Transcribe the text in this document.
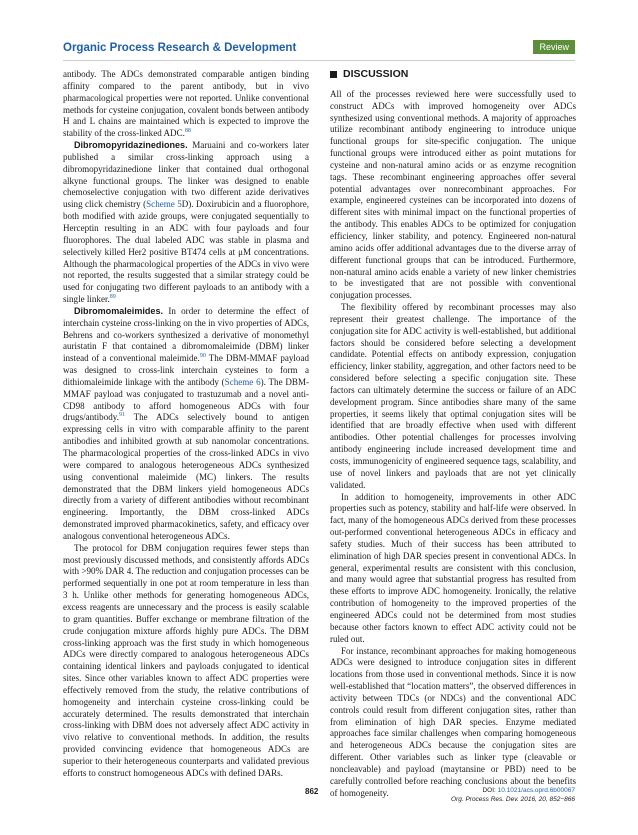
Organic Process Research & Development	Review

antibody. The ADCs demonstrated comparable antigen binding affinity compared to the parent antibody, but in vivo pharmacological properties were not reported. Unlike conventional methods for cysteine conjugation, covalent bonds between antibody H and L chains are maintained which is expected to improve the stability of the cross-linked ADC.$^{88}$

Dibromopyridazinediones. Maruaini and co-workers later published a similar cross-linking approach using a dibromopyridazinedione linker that contained dual orthogonal alkyne functional groups. The linker was designed to enable chemoselective conjugation with two different azide derivatives using click chemistry (Scheme 5D). Doxirubicin and a fluorophore, both modified with azide groups, were conjugated sequentially to Herceptin resulting in an ADC with four payloads and four fluorophores. The dual labeled ADC was stable in plasma and selectively killed Her2 positive BT474 cells at μM concentrations. Although the pharmacological properties of the ADCs in vivo were not reported, the results suggested that a similar strategy could be used for conjugating two different payloads to an antibody with a single linker.$^{89}$

Dibromomaleimides. In order to determine the effect of interchain cysteine cross-linking on the in vivo properties of ADCs, Behrens and co-workers synthesized a derivative of monomethyl auristatin F that contained a dibromomaleimide (DBM) linker instead of a conventional maleimide.$^{90}$ The DBM-MMAF payload was designed to cross-link interchain cysteines to form a dithiomaleimide linkage with the antibody (Scheme 6). The DBM-MMAF payload was conjugated to trastuzumab and a novel anti-CD98 antibody to afford homogeneous ADCs with four drugs/antibody.$^{91}$ The ADCs selectively bound to antigen expressing cells in vitro with comparable affinity to the parent antibodies and inhibited growth at sub nanomolar concentrations. The pharmacological properties of the cross-linked ADCs in vivo were compared to analogous heterogeneous ADCs synthesized using conventional maleimide (MC) linkers. The results demonstrated that the DBM linkers yield homogeneous ADCs directly from a variety of different antibodies without recombinant engineering. Importantly, the DBM cross-linked ADCs demonstrated improved pharmacokinetics, safety, and efficacy over analogous conventional heterogeneous ADCs.

The protocol for DBM conjugation requires fewer steps than most previously discussed methods, and consistently affords ADCs with >90% DAR 4. The reduction and conjugation processes can be performed sequentially in one pot at room temperature in less than 3 h. Unlike other methods for generating homogeneous ADCs, excess reagents are unnecessary and the process is easily scalable to gram quantities. Buffer exchange or membrane filtration of the crude conjugation mixture affords highly pure ADCs. The DBM cross-linking approach was the first study in which homogeneous ADCs were directly compared to analogous heterogeneous ADCs containing identical linkers and payloads conjugated to identical sites. Since other variables known to affect ADC properties were effectively removed from the study, the relative contributions of homogeneity and interchain cysteine cross-linking could be accurately determined. The results demonstrated that interchain cross-linking with DBM does not adversely affect ADC activity in vivo relative to conventional methods. In addition, the results provided convincing evidence that homogeneous ADCs are superior to their heterogeneous counterparts and validated previous efforts to construct homogeneous ADCs with defined DARs.

DISCUSSION

All of the processes reviewed here were successfully used to construct ADCs with improved homogeneity over ADCs synthesized using conventional methods. A majority of approaches utilize recombinant antibody engineering to introduce unique functional groups for site-specific conjugation. The unique functional groups were introduced either as point mutations for cysteine and non-natural amino acids or as enzyme recognition tags. These recombinant engineering approaches offer several potential advantages over nonrecombinant approaches. For example, engineered cysteines can be incorporated into dozens of different sites with minimal impact on the functional properties of the antibody. This enables ADCs to be optimized for conjugation efficiency, linker stability, and potency. Engineered non-natural amino acids offer additional advantages due to the diverse array of different functional groups that can be introduced. Furthermore, non-natural amino acids enable a variety of new linker chemistries to be investigated that are not possible with conventional conjugation processes.

The flexibility offered by recombinant processes may also represent their greatest challenge. The importance of the conjugation site for ADC activity is well-established, but additional factors should be considered before selecting a development candidate. Potential effects on antibody expression, conjugation efficiency, linker stability, aggregation, and other factors need to be considered before selecting a specific conjugation site. These factors can ultimately determine the success or failure of an ADC development program. Since antibodies share many of the same properties, it seems likely that optimal conjugation sites will be identified that are broadly effective when used with different antibodies. Other potential challenges for processes involving antibody engineering include increased development time and costs, immunogenicity of engineered sequence tags, scalability, and use of novel linkers and payloads that are not yet clinically validated.

In addition to homogeneity, improvements in other ADC properties such as potency, stability and half-life were observed. In fact, many of the homogeneous ADCs derived from these processes out-performed conventional heterogeneous ADCs in efficacy and safety studies. Much of their success has been attributed to elimination of high DAR species present in conventional ADCs. In general, experimental results are consistent with this conclusion, and many would agree that substantial progress has resulted from these efforts to improve ADC homogeneity. Ironically, the relative contribution of homogeneity to the improved properties of the engineered ADCs could not be determined from most studies because other factors known to effect ADC activity could not be ruled out.

For instance, recombinant approaches for making homogeneous ADCs were designed to introduce conjugation sites in different locations from those used in conventional methods. Since it is now well-established that “location matters”, the observed differences in activity between TDCs (or NDCs) and the conventional ADC controls could result from different conjugation sites, rather than from elimination of high DAR species. Enzyme mediated approaches face similar challenges when comparing homogeneous and heterogeneous ADCs because the conjugation sites are different. Other variables such as linker type (cleavable or noncleavable) and payload (maytansine or PBD) need to be carefully controlled before reaching conclusions about the benefits of homogeneity.

862	DOI: 10.1021/acs.oprd.6b00067
Org. Process Res. Dev. 2016, 20, 852−866
